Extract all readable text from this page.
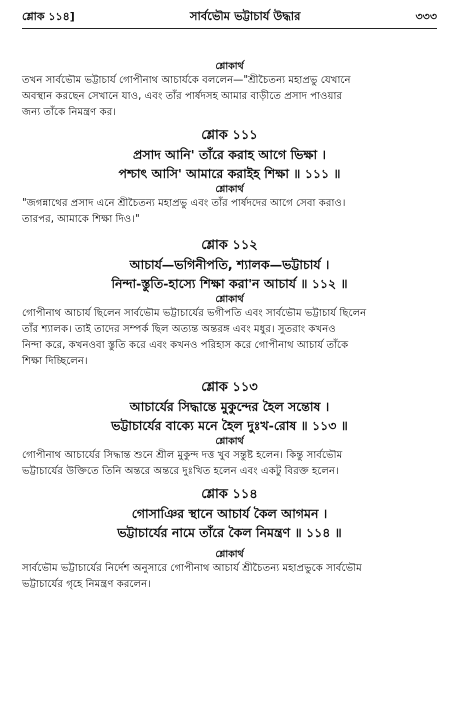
শ্লোক ১১৪]	সার্বভৌম ভট্টাচার্য উদ্ধার	৩৩৩

শ্লোকার্থ

তখন সার্বভৌম ভট্টাচার্য গোপীনাথ আচার্যকে বললেন—"শ্রীচৈতন্য মহাপ্রভু যেখানে

অবস্থান করছেন সেখানে যাও, এবং তাঁর পার্ষদসহ আমার বাড়ীতে প্রসাদ পাওয়ার

জন্য তাঁকে নিমন্ত্রণ কর।

শ্লোক ১১১

প্রসাদ আনি' তাঁরে করাহ আগে ভিক্ষা ।

পশ্চাৎ আসি' আমারে করাইহ শিক্ষা ॥ ১১১ ॥

শ্লোকার্থ

"জগন্নাথের প্রসাদ এনে শ্রীচৈতন্য মহাপ্রভু এবং তাঁর পার্ষদদের আগে সেবা করাও।

তারপর, আমাকে শিক্ষা দিও।"

শ্লোক ১১২

আচার্য—ভগিনীপতি, শ্যালক—ভট্টাচার্য ।

নিন্দা-স্তুতি-হাস্যে শিক্ষা করা'ন আচার্য ॥ ১১২ ॥

শ্লোকার্থ

গোপীনাথ আচার্য ছিলেন সার্বভৌম ভট্টাচার্যের ভগীপতি এবং সার্বভৌম ভট্টাচার্য ছিলেন

তাঁর শ্যালক। তাই তাদের সম্পর্ক ছিল অত্যন্ত অন্তরঙ্গ এবং মধুর। সুতরাং কখনও

নিন্দা করে, কখনওবা স্তুতি করে এবং কখনও পরিহাস করে গোপীনাথ আচার্য তাঁকে

শিক্ষা দিচ্ছিলেন।

শ্লোক ১১৩

আচার্যের সিদ্ধান্তে মুকুন্দের হৈল সন্তোষ ।

ভট্টাচার্যের বাক্যে মনে হৈল দুঃখ-রোষ ॥ ১১৩ ॥

শ্লোকার্থ

গোপীনাথ আচার্যের সিদ্ধান্ত শুনে শ্রীল মুকুন্দ দত্ত খুব সন্তুষ্ট হলেন। কিন্তু সার্বভৌম

ভট্টাচার্যের উক্তিতে তিনি অন্তরে অন্তরে দুঃখিত হলেন এবং একটু বিরক্ত হলেন।

শ্লোক ১১৪

গোসাঞির স্থানে আচার্য কৈল আগমন ।

ভট্টাচার্যের নামে তাঁরে কৈল নিমন্ত্রণ ॥ ১১৪ ॥

শ্লোকার্থ

সার্বভৌম ভট্টাচার্যের নির্দেশ অনুসারে গোপীনাথ আচার্য শ্রীচৈতন্য মহাপ্রভুকে সার্বভৌম

ভট্টাচার্যের গৃহে নিমন্ত্রণ করলেন।
